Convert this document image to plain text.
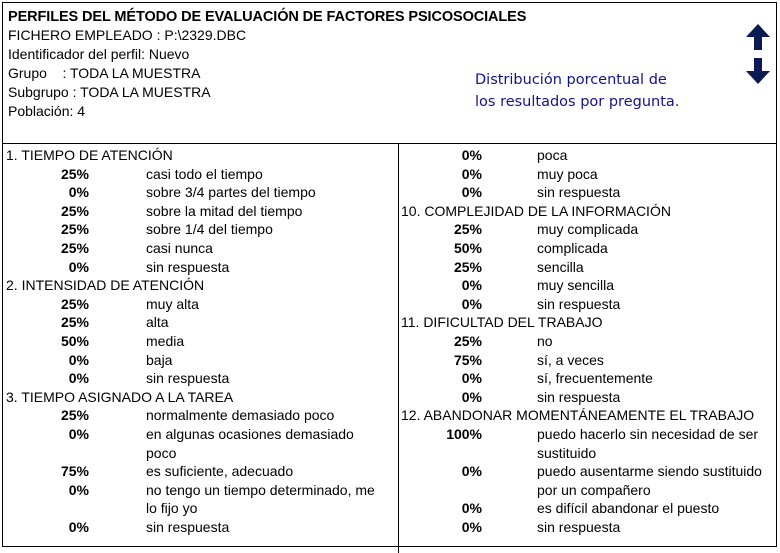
PERFILES DEL MÉTODO DE EVALUACIÓN DE FACTORES PSICOSOCIALES
FICHERO EMPLEADO : P:\2329.DBC
Identificador del perfil: Nuevo
Grupo    : TODA LA MUESTRA
Subgrupo : TODA LA MUESTRA
Población: 4
Distribución porcentual de
los resultados por pregunta.
1. TIEMPO DE ATENCIÓN
25%	casi todo el tiempo
0%	sobre 3/4 partes del tiempo
25%	sobre la mitad del tiempo
25%	sobre 1/4 del tiempo
25%	casi nunca
0%	sin respuesta
2. INTENSIDAD DE ATENCIÓN
25%	muy alta
25%	alta
50%	media
0%	baja
0%	sin respuesta
3. TIEMPO ASIGNADO A LA TAREA
25%	normalmente demasiado poco
0%	en algunas ocasiones demasiado
poco
75%	es suficiente, adecuado
0%	no tengo un tiempo determinado, me
lo fijo yo
0%	sin respuesta
0%	poca
0%	muy poca
0%	sin respuesta
10. COMPLEJIDAD DE LA INFORMACIÓN
25%	muy complicada
50%	complicada
25%	sencilla
0%	muy sencilla
0%	sin respuesta
11. DIFICULTAD DEL TRABAJO
25%	no
75%	sí, a veces
0%	sí, frecuentemente
0%	sin respuesta
12. ABANDONAR MOMENTÁNEAMENTE EL TRABAJO
100%	puedo hacerlo sin necesidad de ser
sustituido
0%	puedo ausentarme siendo sustituido
por un compañero
0%	es difícil abandonar el puesto
0%	sin respuesta
